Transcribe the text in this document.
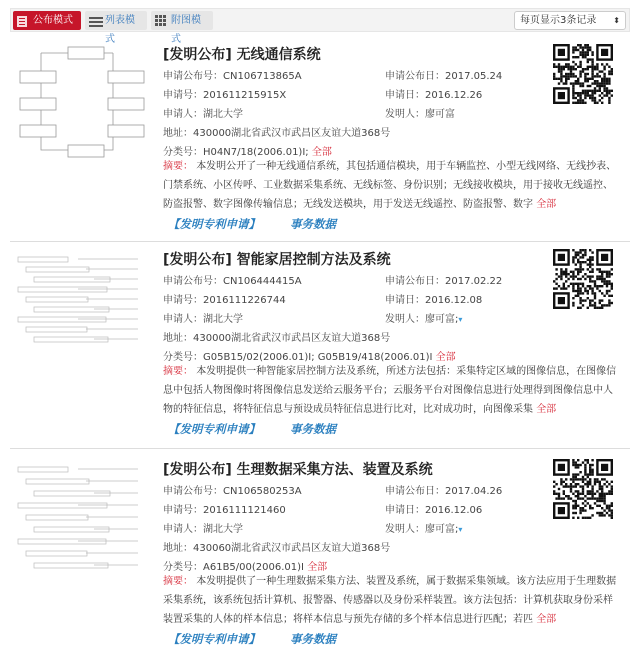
公布模式	列表模式
附图模式
每页显示3条记录 ⬍
[发明公布] 无线通信系统
申请公布号：CN106713865A	申请公布日：2017.05.24
申请号：201611215915X	申请日：2016.12.26
申请人：湖北大学	发明人：廖可富
地址：430000湖北省武汉市武昌区友谊大道368号
分类号：H04N7/18(2006.01)I; 全部
摘要： 本发明公开了一种无线通信系统，其包括通信模块，用于车辆监控、小型无线网络、无线抄表、门禁系统、小区传呼、工业数据采集系统、无线标签、身份识别；无线接收模块，用于接收无线遥控、防盗报警、数字图像传输信息；无线发送模块，用于发送无线遥控、防盗报警、数字 全部
【发明专利申请】	事务数据
[发明公布] 智能家居控制方法及系统
申请公布号：CN106444415A	申请公布日：2017.02.22
申请号：2016111226744	申请日：2016.12.08
申请人：湖北大学	发明人：廖可富;▾
地址：430000湖北省武汉市武昌区友谊大道368号
分类号：G05B15/02(2006.01)I; G05B19/418(2006.01)I 全部
摘要： 本发明提供一种智能家居控制方法及系统，所述方法包括：采集特定区域的图像信息，在图像信息中包括人物图像时将图像信息发送给云服务平台；云服务平台对图像信息进行处理得到图像信息中人物的特征信息，将特征信息与预设成员特征信息进行比对，比对成功时，向图像采集 全部
【发明专利申请】	事务数据
[发明公布] 生理数据采集方法、装置及系统
申请公布号：CN106580253A	申请公布日：2017.04.26
申请号：2016111121460	申请日：2016.12.06
申请人：湖北大学	发明人：廖可富;▾
地址：430060湖北省武汉市武昌区友谊大道368号
分类号：A61B5/00(2006.01)I 全部
摘要： 本发明提供了一种生理数据采集方法、装置及系统，属于数据采集领域。该方法应用于生理数据采集系统，该系统包括计算机、报警器、传感器以及身份采样装置。该方法包括：计算机获取身份采样装置采集的人体的样本信息；将样本信息与预先存储的多个样本信息进行匹配；若匹 全部
【发明专利申请】	事务数据
